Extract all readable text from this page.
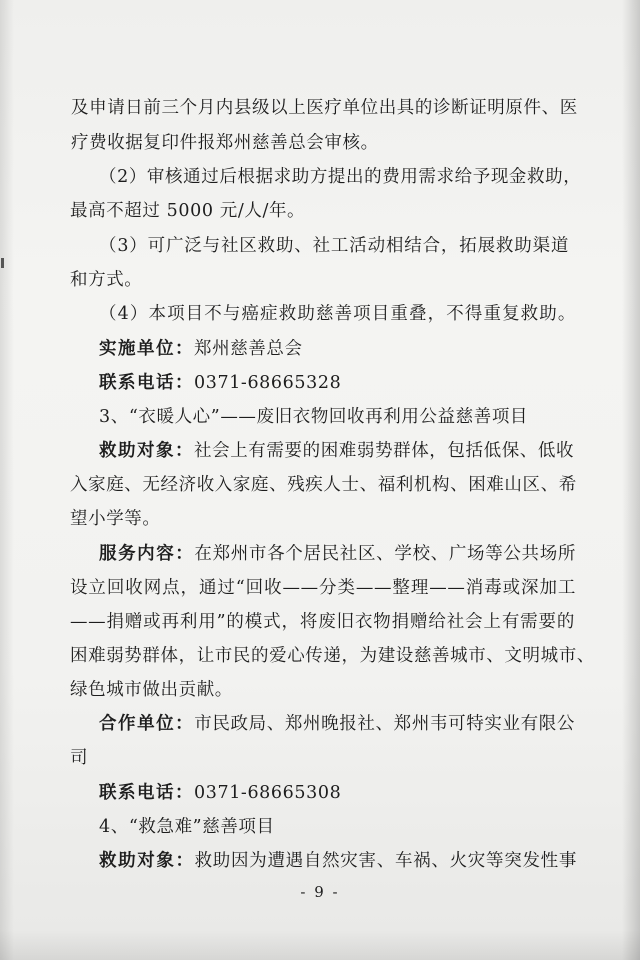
及申请日前三个月内县级以上医疗单位出具的诊断证明原件、医
疗费收据复印件报郑州慈善总会审核。
（2）审核通过后根据求助方提出的费用需求给予现金救助，
最高不超过 5000 元/人/年。
（3）可广泛与社区救助、社工活动相结合，拓展救助渠道
和方式。
（4）本项目不与癌症救助慈善项目重叠，不得重复救助。
实施单位：郑州慈善总会
联系电话：0371-68665328
3、“衣暖人心”——废旧衣物回收再利用公益慈善项目
救助对象：社会上有需要的困难弱势群体，包括低保、低收
入家庭、无经济收入家庭、残疾人士、福利机构、困难山区、希
望小学等。
服务内容：在郑州市各个居民社区、学校、广场等公共场所
设立回收网点，通过“回收——分类——整理——消毒或深加工
——捐赠或再利用”的模式，将废旧衣物捐赠给社会上有需要的
困难弱势群体，让市民的爱心传递，为建设慈善城市、文明城市、
绿色城市做出贡献。
合作单位：市民政局、郑州晚报社、郑州韦可特实业有限公
司
联系电话：0371-68665308
4、“救急难”慈善项目
救助对象：救助因为遭遇自然灾害、车祸、火灾等突发性事
- 9 -
